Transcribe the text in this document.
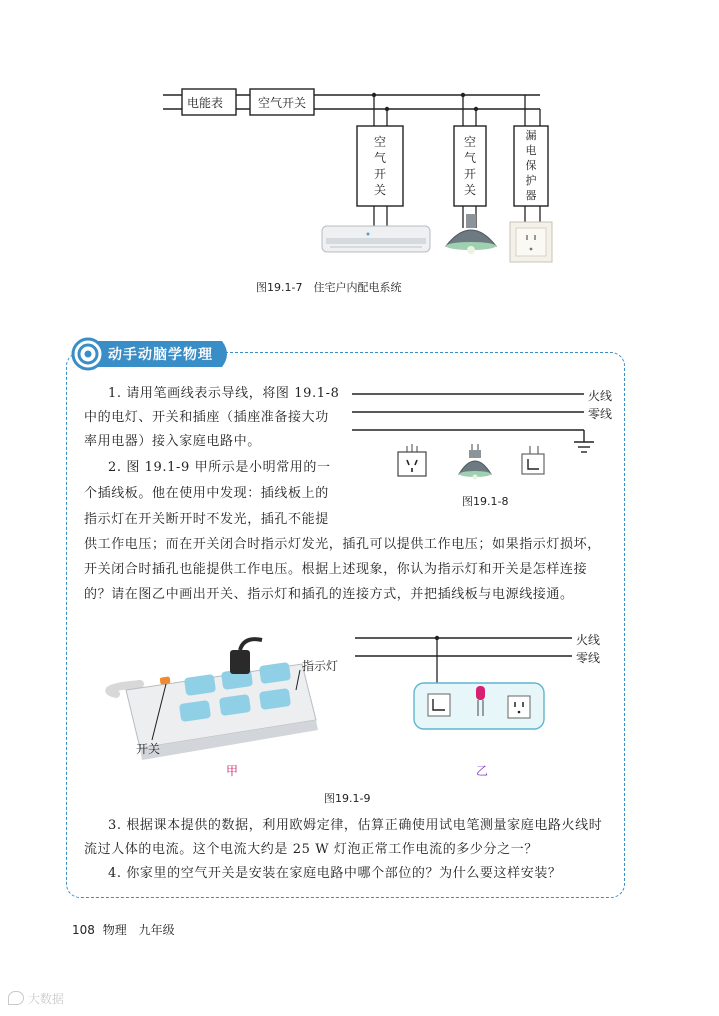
电能表	空气开关
空气开关
空气开关
漏电保护器
图19.1-7　住宅户内配电系统
动手动脑学物理
1. 请用笔画线表示导线，将图 19.1-8
中的电灯、开关和插座（插座准备接大功
率用电器）接入家庭电路中。
2. 图 19.1-9 甲所示是小明常用的一
个插线板。他在使用中发现：插线板上的
指示灯在开关断开时不发光，插孔不能提
供工作电压；而在开关闭合时指示灯发光，插孔可以提供工作电压；如果指示灯损坏，
开关闭合时插孔也能提供工作电压。根据上述现象，你认为指示灯和开关是怎样连接
的？请在图乙中画出开关、指示灯和插孔的连接方式，并把插线板与电源线接通。
火线
零线
图19.1-8
指示灯
开关
甲	乙
火线
零线
图19.1-9
3. 根据课本提供的数据，利用欧姆定律，估算正确使用试电笔测量家庭电路火线时
流过人体的电流。这个电流大约是 25 W 灯泡正常工作电流的多少分之一？
4. 你家里的空气开关是安装在家庭电路中哪个部位的？为什么要这样安装？
108 物理 九年级
大数据
